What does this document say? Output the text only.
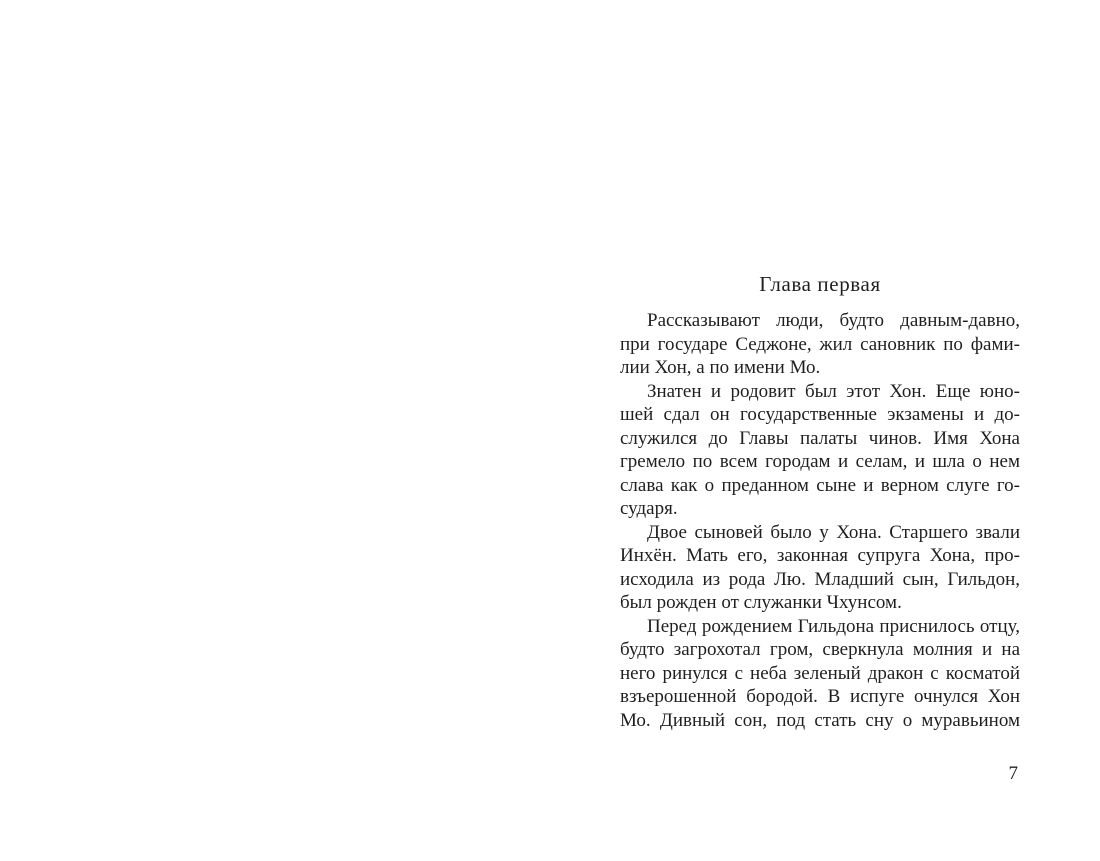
Глава первая
Рассказывают люди, будто давным-давно,
при государе Седжоне, жил сановник по фами-
лии Хон, а по имени Мо.
Знатен и родовит был этот Хон. Еще юно-
шей сдал он государственные экзамены и до-
служился до Главы палаты чинов. Имя Хона
гремело по всем городам и селам, и шла о нем
слава как о преданном сыне и верном слуге го-
сударя.
Двое сыновей было у Хона. Старшего звали
Инхён. Мать его, законная супруга Хона, про-
исходила из рода Лю. Младший сын, Гильдон,
был рожден от служанки Чхунсом.
Перед рождением Гильдона приснилось отцу,
будто загрохотал гром, сверкнула молния и на
него ринулся с неба зеленый дракон с косматой
взъерошенной бородой. В испуге очнулся Хон
Мо. Дивный сон, под стать сну о муравьином
7
